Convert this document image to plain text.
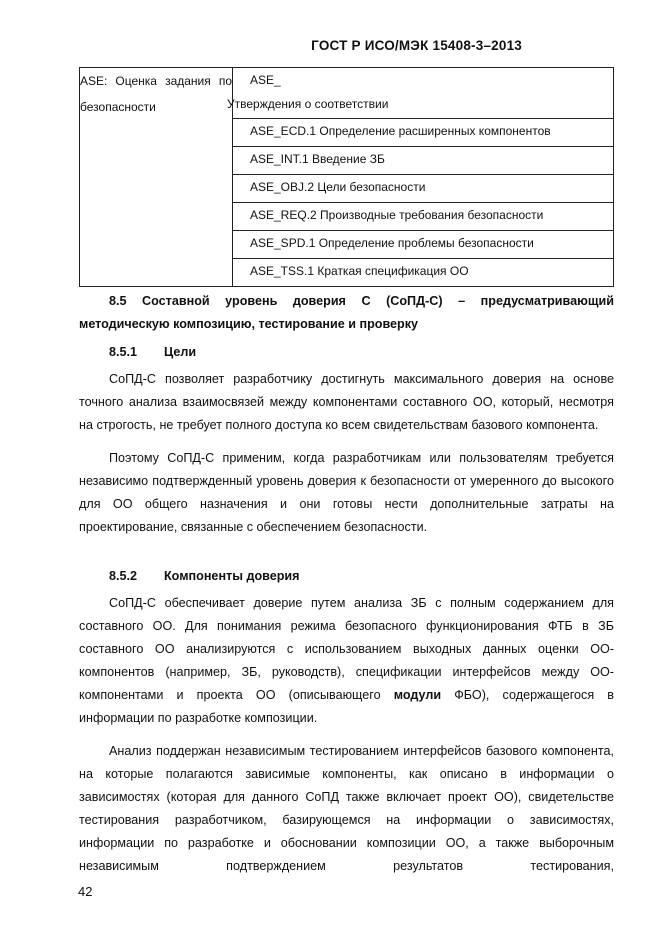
ГОСТ Р ИСО/МЭК 15408-3–2013
ASE: Оценка задания по безопасности	
ASE_
Утверждения о соответствии

ASE_ECD.1 Определение расширенных компонентов

ASE_INT.1 Введение ЗБ

ASE_OBJ.2 Цели безопасности

ASE_REQ.2 Производные требования безопасности

ASE_SPD.1 Определение проблемы безопасности

ASE_TSS.1 Краткая спецификация ОО
8.5 Составной уровень доверия С (СоПД-С) – предусматривающий методическую композицию, тестирование и проверку
8.5.1 Цели
СоПД-С позволяет разработчику достигнуть максимального доверия на основе точного анализа взаимосвязей между компонентами составного ОО, который, несмотря на строгость, не требует полного доступа ко всем свидетельствам базового компонента.
Поэтому СоПД-С применим, когда разработчикам или пользователям требуется независимо подтвержденный уровень доверия к безопасности от умеренного до высокого для ОО общего назначения и они готовы нести дополнительные затраты на проектирование, связанные с обеспечением безопасности.
8.5.2 Компоненты доверия
СоПД-С обеспечивает доверие путем анализа ЗБ с полным содержанием для составного ОО. Для понимания режима безопасного функционирования ФТБ в ЗБ составного ОО анализируются с использованием выходных данных оценки ОО-компонентов (например, ЗБ, руководств), спецификации интерфейсов между ОО-компонентами и проекта ОО (описывающего модули ФБО), содержащегося в информации по разработке композиции.
Анализ поддержан независимым тестированием интерфейсов базового компонента, на которые полагаются зависимые компоненты, как описано в информации о зависимостях (которая для данного СоПД также включает проект ОО), свидетельстве тестирования разработчиком, базирующемся на информации о зависимостях, информации по разработке и обосновании композиции ОО, а также выборочным независимым подтверждением результатов тестирования,
42
